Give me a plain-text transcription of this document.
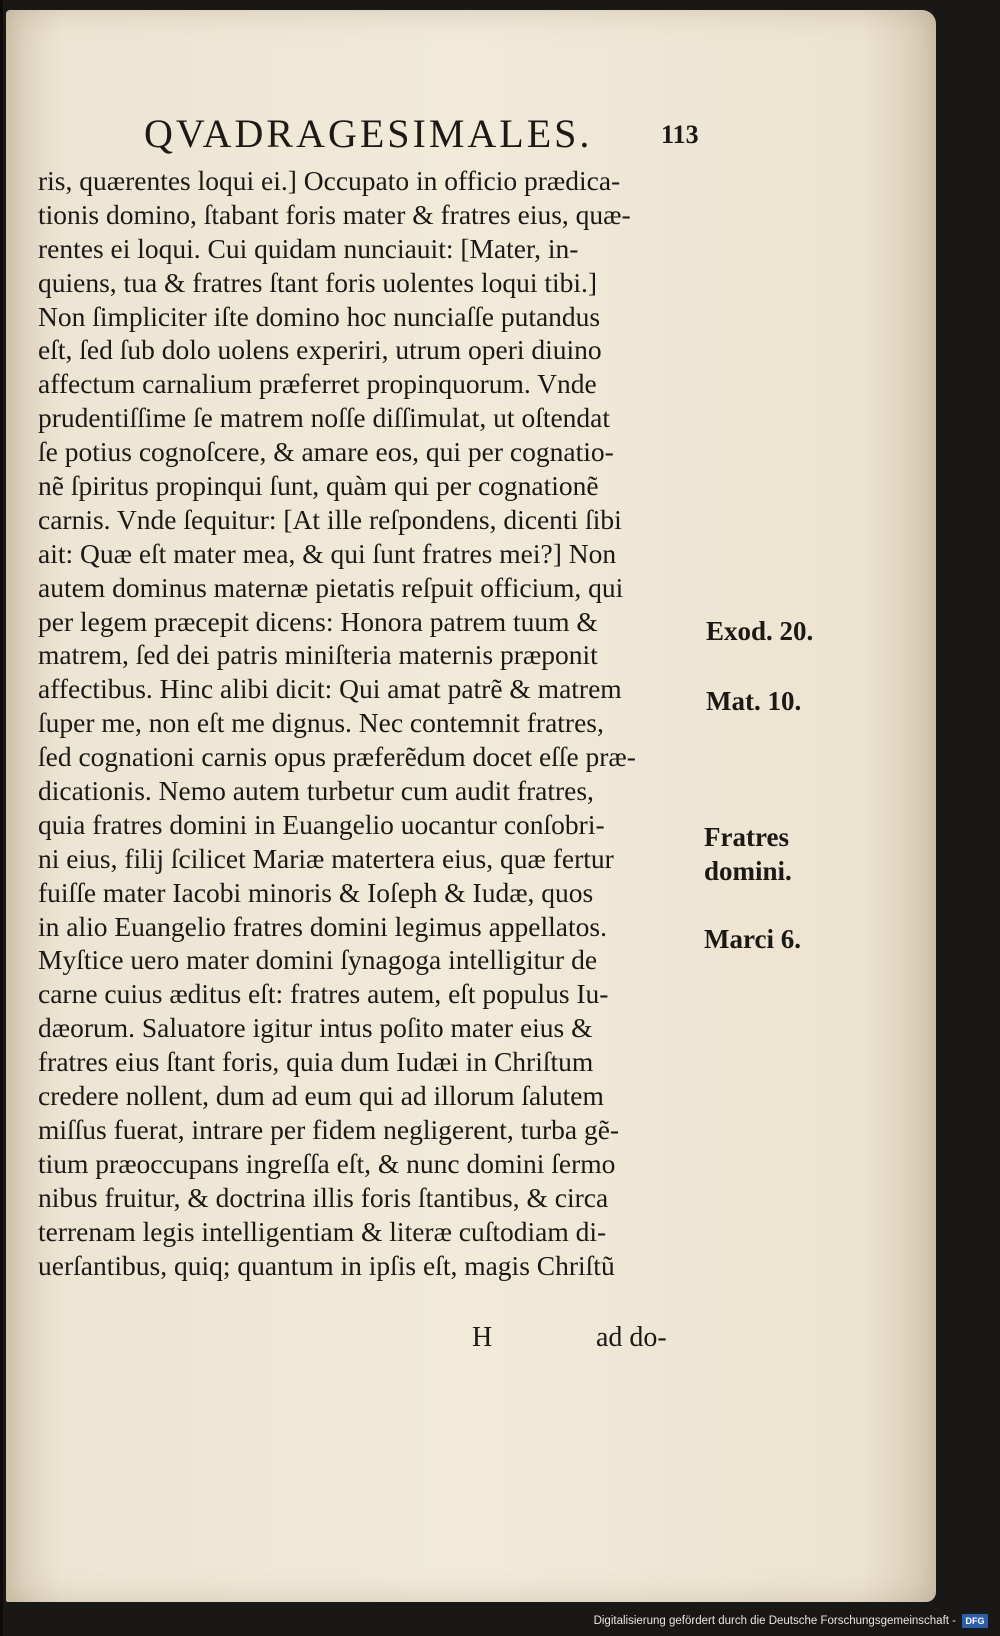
QVADRAGESIMALES.	113
ris, quærentes loqui ei.] Occupato in officio prædica-
tionis domino, ſtabant foris mater & fratres eius, quæ-
rentes ei loqui. Cui quidam nunciauit: [Mater, in-
quiens, tua & fratres ſtant foris uolentes loqui tibi.]
Non ſimpliciter iſte domino hoc nunciaſſe putandus
eſt, ſed ſub dolo uolens experiri, utrum operi diuino
affectum carnalium præferret propinquorum. Vnde
prudentiſſime ſe matrem noſſe diſſimulat, ut oſtendat
ſe potius cognoſcere, & amare eos, qui per cognatio-
nẽ ſpiritus propinqui ſunt, quàm qui per cognationẽ
carnis. Vnde ſequitur: [At ille reſpondens, dicenti ſibi
ait: Quæ eſt mater mea, & qui ſunt fratres mei?] Non
autem dominus maternæ pietatis reſpuit officium, qui
per legem præcepit dicens: Honora patrem tuum &
matrem, ſed dei patris miniſteria maternis præponit
affectibus. Hinc alibi dicit: Qui amat patrẽ & matrem
ſuper me, non eſt me dignus. Nec contemnit fratres,
ſed cognationi carnis opus præferẽdum docet eſſe præ-
dicationis. Nemo autem turbetur cum audit fratres,
quia fratres domini in Euangelio uocantur conſobri-
ni eius, filij ſcilicet Mariæ matertera eius, quæ fertur
fuiſſe mater Iacobi minoris & Ioſeph & Iudæ, quos
in alio Euangelio fratres domini legimus appellatos.
Myſtice uero mater domini ſynagoga intelligitur de
carne cuius æditus eſt: fratres autem, eſt populus Iu-
dæorum. Saluatore igitur intus poſito mater eius &
fratres eius ſtant foris, quia dum Iudæi in Chriſtum
credere nollent, dum ad eum qui ad illorum ſalutem
miſſus fuerat, intrare per fidem negligerent, turba gẽ-
tium præoccupans ingreſſa eſt, & nunc domini ſermo
nibus fruitur, & doctrina illis foris ſtantibus, & circa
terrenam legis intelligentiam & literæ cuſtodiam di-
uerſantibus, quiq; quantum in ipſis eſt, magis Chriſtũ
Exod. 20.
Mat. 10.
Fratres
domini.
Marci 6.
H	ad do-
Digitalisierung gefördert durch die Deutsche Forschungsgemeinschaft -	DFG
